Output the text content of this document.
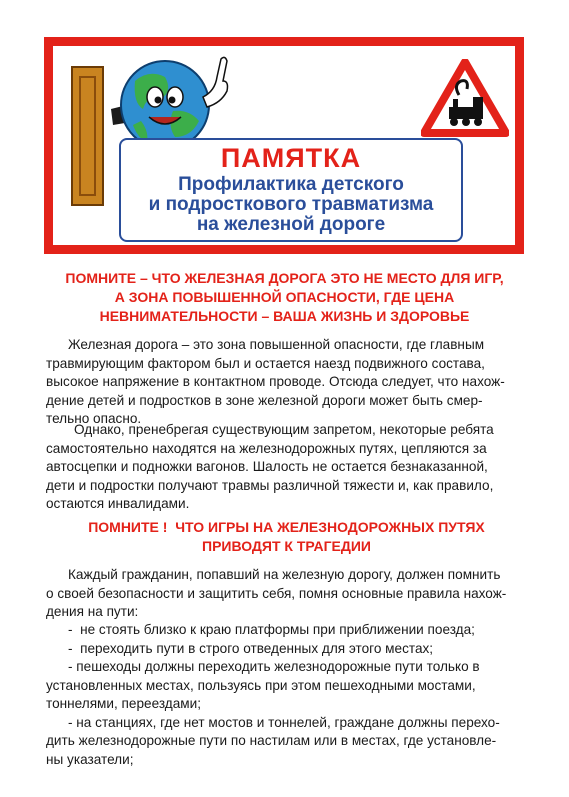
ПАМЯТКА
Профилактика детского
и подросткового травматизма
на железной дороге
ПОМНИТЕ – ЧТО ЖЕЛЕЗНАЯ ДОРОГА ЭТО НЕ МЕСТО ДЛЯ ИГР,
А ЗОНА ПОВЫШЕННОЙ ОПАСНОСТИ, ГДЕ ЦЕНА
НЕВНИМАТЕЛЬНОСТИ – ВАША ЖИЗНЬ И ЗДОРОВЬЕ
Железная дорога – это зона повышенной опасности, где главным
травмирующим фактором был и остается наезд подвижного состава,
высокое напряжение в контактном проводе. Отсюда следует, что нахож-
дение детей и подростков в зоне железной дороги может быть смер-
тельно опасно.
Однако, пренебрегая существующим запретом, некоторые ребята
самостоятельно находятся на железнодорожных путях, цепляются за
автосцепки и подножки вагонов. Шалость не остается безнаказанной,
дети и подростки получают травмы различной тяжести и, как правило,
остаются инвалидами.
ПОМНИТЕ !  ЧТО ИГРЫ НА ЖЕЛЕЗНОДОРОЖНЫХ ПУТЯХ
ПРИВОДЯТ К ТРАГЕДИИ
Каждый гражданин, попавший на железную дорогу, должен помнить
о своей безопасности и защитить себя, помня основные правила нахож-
дения на пути:
-  не стоять близко к краю платформы при приближении поезда;
-  переходить пути в строго отведенных для этого местах;
- пешеходы должны переходить железнодорожные пути только в
установленных местах, пользуясь при этом пешеходными мостами,
тоннелями, переездами;
- на станциях, где нет мостов и тоннелей, граждане должны перехо-
дить железнодорожные пути по настилам или в местах, где установле-
ны указатели;
